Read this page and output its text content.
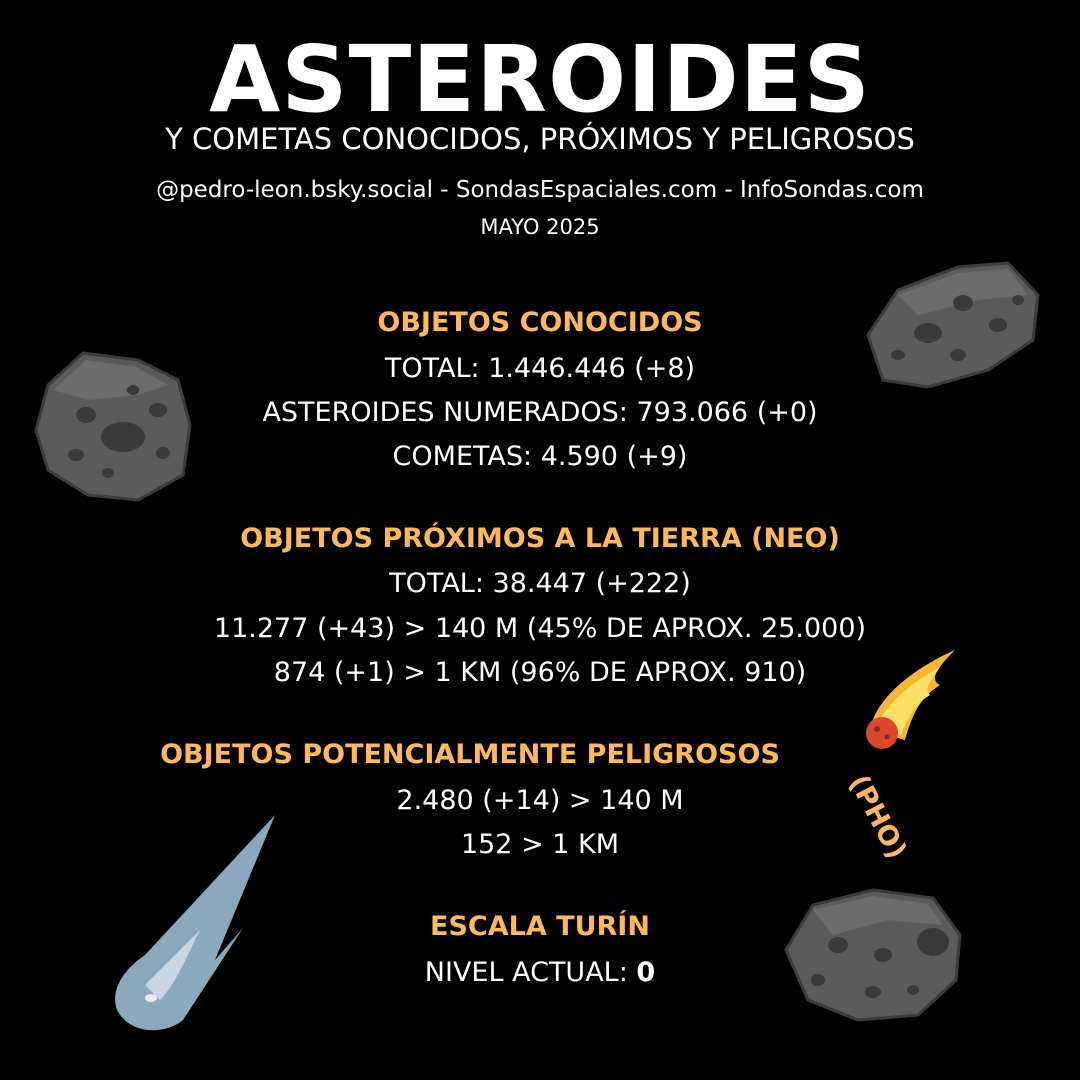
ASTEROIDES
Y COMETAS CONOCIDOS, PRÓXIMOS Y PELIGROSOS
@pedro-leon.bsky.social - SondasEspaciales.com - InfoSondas.com
MAYO 2025
OBJETOS CONOCIDOS
TOTAL: 1.446.446 (+8)
ASTEROIDES NUMERADOS: 793.066 (+0)
COMETAS: 4.590 (+9)
OBJETOS PRÓXIMOS A LA TIERRA (NEO)
TOTAL: 38.447 (+222)
11.277 (+43) > 140 M (45% DE APROX. 25.000)
874 (+1) > 1 KM (96% DE APROX. 910)
OBJETOS POTENCIALMENTE PELIGROSOS
(PHO)
2.480 (+14) > 140 M
152 > 1 KM
ESCALA TURÍN
NIVEL ACTUAL: 0
